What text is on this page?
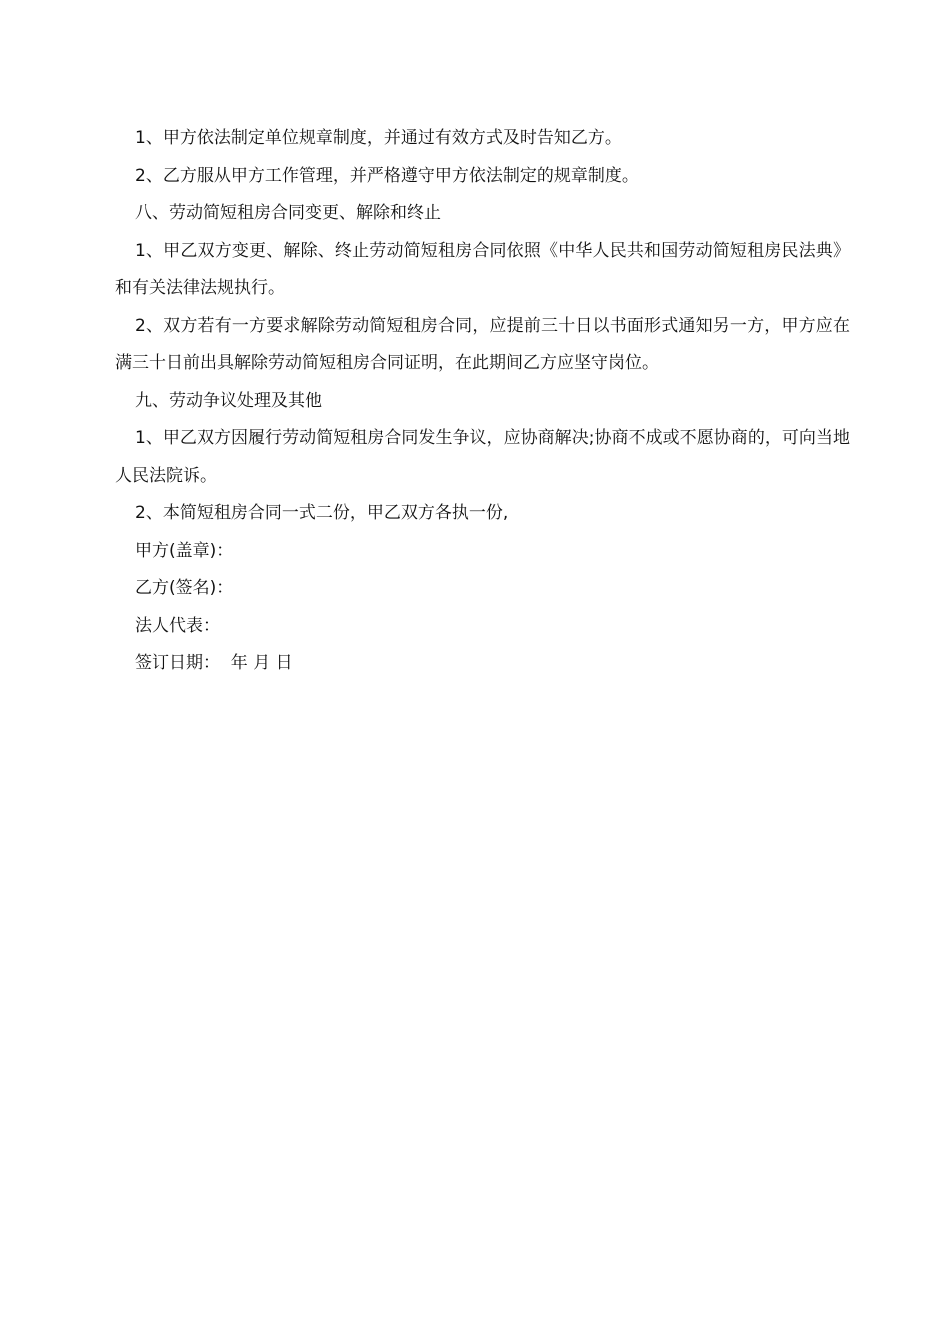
1、甲方依法制定单位规章制度，并通过有效方式及时告知乙方。

2、乙方服从甲方工作管理，并严格遵守甲方依法制定的规章制度。

八、劳动简短租房合同变更、解除和终止

1、甲乙双方变更、解除、终止劳动简短租房合同依照《中华人民共和国劳动简短租房民法典》和有关法律法规执行。

2、双方若有一方要求解除劳动简短租房合同，应提前三十日以书面形式通知另一方，甲方应在满三十日前出具解除劳动简短租房合同证明，在此期间乙方应坚守岗位。

九、劳动争议处理及其他

1、甲乙双方因履行劳动简短租房合同发生争议，应协商解决;协商不成或不愿协商的，可向当地人民法院诉。

2、本简短租房合同一式二份，甲乙双方各执一份,

甲方(盖章)：

乙方(签名)：

法人代表：

签订日期：  年 月 日
